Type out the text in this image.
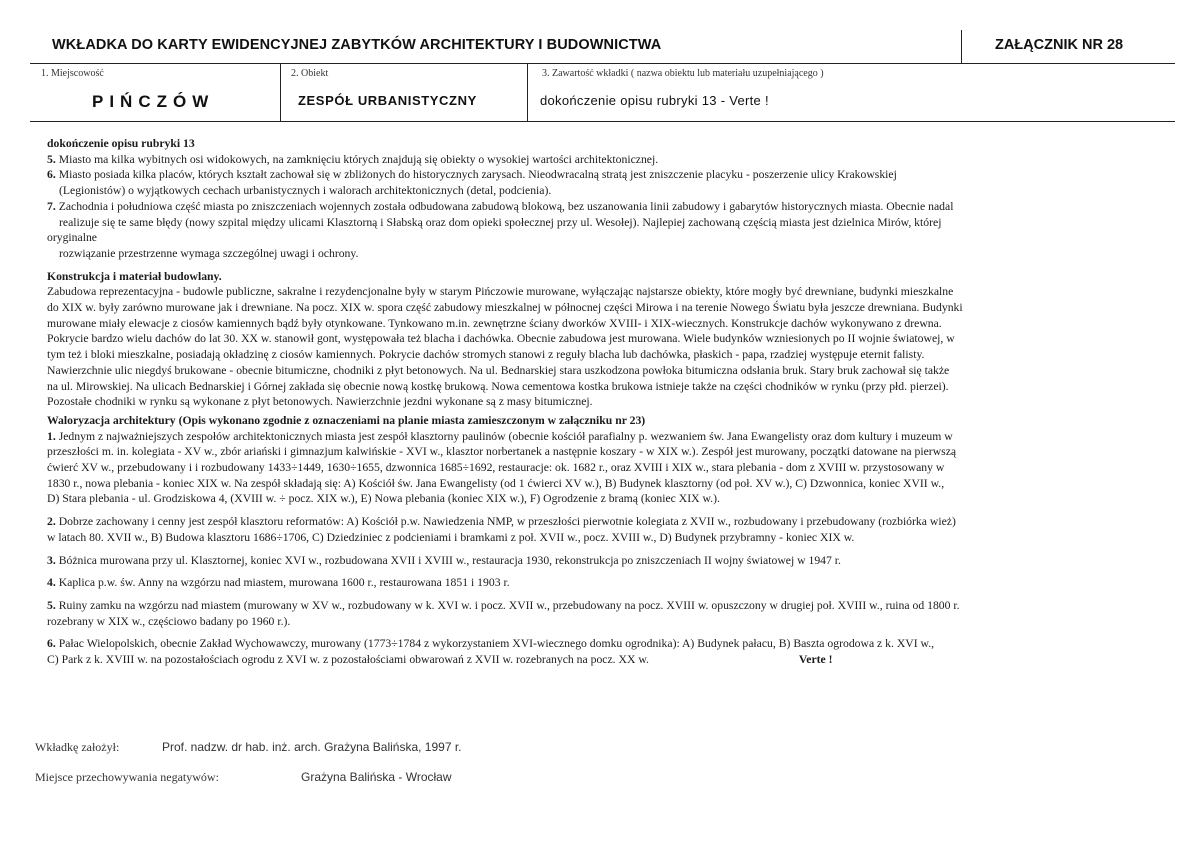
WKŁADKA DO KARTY EWIDENCYJNEJ ZABYTKÓW ARCHITEKTURY I BUDOWNICTWA	ZAŁĄCZNIK NR 28
1. Miejscowość
PIŃCZÓW
2. Obiekt
ZESPÓŁ URBANISTYCZNY
3. Zawartość wkładki ( nazwa obiektu lub materiału uzupełniającego )
dokończenie opisu rubryki 13 - Verte !

dokończenie opisu rubryki 13

5. Miasto ma kilka wybitnych osi widokowych, na zamknięciu których znajdują się obiekty o wysokiej wartości architektonicznej.

6. Miasto posiada kilka placów, których kształt zachował się w zbliżonych do historycznych zarysach. Nieodwracalną stratą jest zniszczenie placyku - poszerzenie ulicy Krakowskiej

(Legionistów) o wyjątkowych cechach urbanistycznych i walorach architektonicznych (detal, podcienia).

7. Zachodnia i południowa część miasta po zniszczeniach wojennych została odbudowana zabudową blokową, bez uszanowania linii zabudowy i gabarytów historycznych miasta. Obecnie nadal

realizuje się te same błędy (nowy szpital między ulicami Klasztorną i Słabską oraz dom opieki społecznej przy ul. Wesołej). Najlepiej zachowaną częścią miasta jest dzielnica Mirów, której

oryginalne

rozwiązanie przestrzenne wymaga szczególnej uwagi i ochrony.

Konstrukcja i materiał budowlany.

Zabudowa reprezentacyjna - budowle publiczne, sakralne i rezydencjonalne były w starym Pińczowie murowane, wyłączając najstarsze obiekty, które mogły być drewniane, budynki mieszkalne

do XIX w. były zarówno murowane jak i drewniane. Na pocz. XIX w. spora część zabudowy mieszkalnej w północnej części Mirowa i na terenie Nowego Światu była jeszcze drewniana. Budynki

murowane miały elewacje z ciosów kamiennych bądź były otynkowane. Tynkowano m.in. zewnętrzne ściany dworków XVIII- i XIX-wiecznych. Konstrukcje dachów wykonywano z drewna.

Pokrycie bardzo wielu dachów do lat 30. XX w. stanowił gont, występowała też blacha i dachówka. Obecnie zabudowa jest murowana. Wiele budynków wzniesionych po II wojnie światowej, w

tym też i bloki mieszkalne, posiadają okładzinę z ciosów kamiennych. Pokrycie dachów stromych stanowi z reguły blacha lub dachówka, płaskich - papa, rzadziej występuje eternit falisty.

Nawierzchnie ulic niegdyś brukowane - obecnie bitumiczne, chodniki z płyt betonowych. Na ul. Bednarskiej stara uszkodzona powłoka bitumiczna odsłania bruk. Stary bruk zachował się także

na ul. Mirowskiej. Na ulicach Bednarskiej i Górnej zakłada się obecnie nową kostkę brukową. Nowa cementowa kostka brukowa istnieje także na części chodników w rynku (przy płd. pierzei).

Pozostałe chodniki w rynku są wykonane z płyt betonowych. Nawierzchnie jezdni wykonane są z masy bitumicznej.

Waloryzacja architektury (Opis wykonano zgodnie z oznaczeniami na planie miasta zamieszczonym w załączniku nr 23)

1. Jednym z najważniejszych zespołów architektonicznych miasta jest zespół klasztorny paulinów (obecnie kościół parafialny p. wezwaniem św. Jana Ewangelisty oraz dom kultury i muzeum w

przeszłości m. in. kolegiata - XV w., zbór ariański i gimnazjum kalwińskie - XVI w., klasztor norbertanek a następnie koszary - w XIX w.). Zespół jest murowany, początki datowane na pierwszą

ćwierć XV w., przebudowany i i rozbudowany 1433÷1449, 1630÷1655, dzwonnica 1685÷1692, restauracje: ok. 1682 r., oraz XVIII i XIX w., stara plebania - dom z XVIII w. przystosowany w

1830 r., nowa plebania - koniec XIX w. Na zespół składają się: A) Kościół św. Jana Ewangelisty (od 1 ćwierci XV w.), B) Budynek klasztorny (od poł. XV w.), C) Dzwonnica, koniec XVII w.,

D) Stara plebania - ul. Grodziskowa 4, (XVIII w. ÷ pocz. XIX w.), E) Nowa plebania (koniec XIX w.), F) Ogrodzenie z bramą (koniec XIX w.).

2. Dobrze zachowany i cenny jest zespół klasztoru reformatów: A) Kościół p.w. Nawiedzenia NMP, w przeszłości pierwotnie kolegiata z XVII w., rozbudowany i przebudowany (rozbiórka wież)

w latach 80. XVII w., B) Budowa klasztoru 1686÷1706, C) Dziedziniec z podcieniami i bramkami z poł. XVII w., pocz. XVIII w., D) Budynek przybramny - koniec XIX w.

3. Bóżnica murowana przy ul. Klasztornej, koniec XVI w., rozbudowana XVII i XVIII w., restauracja 1930, rekonstrukcja po zniszczeniach II wojny światowej w 1947 r.

4. Kaplica p.w. św. Anny na wzgórzu nad miastem, murowana 1600 r., restaurowana 1851 i 1903 r.

5. Ruiny zamku na wzgórzu nad miastem (murowany w XV w., rozbudowany w k. XVI w. i pocz. XVII w., przebudowany na pocz. XVIII w. opuszczony w drugiej poł. XVIII w., ruina od 1800 r.

rozebrany w XIX w., częściowo badany po 1960 r.).

6. Pałac Wielopolskich, obecnie Zakład Wychowawczy, murowany (1773÷1784 z wykorzystaniem XVI-wiecznego domku ogrodnika): A) Budynek pałacu, B) Baszta ogrodowa z k. XVI w.,

C) Park z k. XVIII w. na pozostałościach ogrodu z XVI w. z pozostałościami obwarowań z XVII w. rozebranych na pocz. XX w.	Verte !

Wkładkę założył:	Prof. nadzw. dr hab. inż. arch. Grażyna Balińska, 1997 r.
Miejsce przechowywania negatywów:	Grażyna Balińska - Wrocław
